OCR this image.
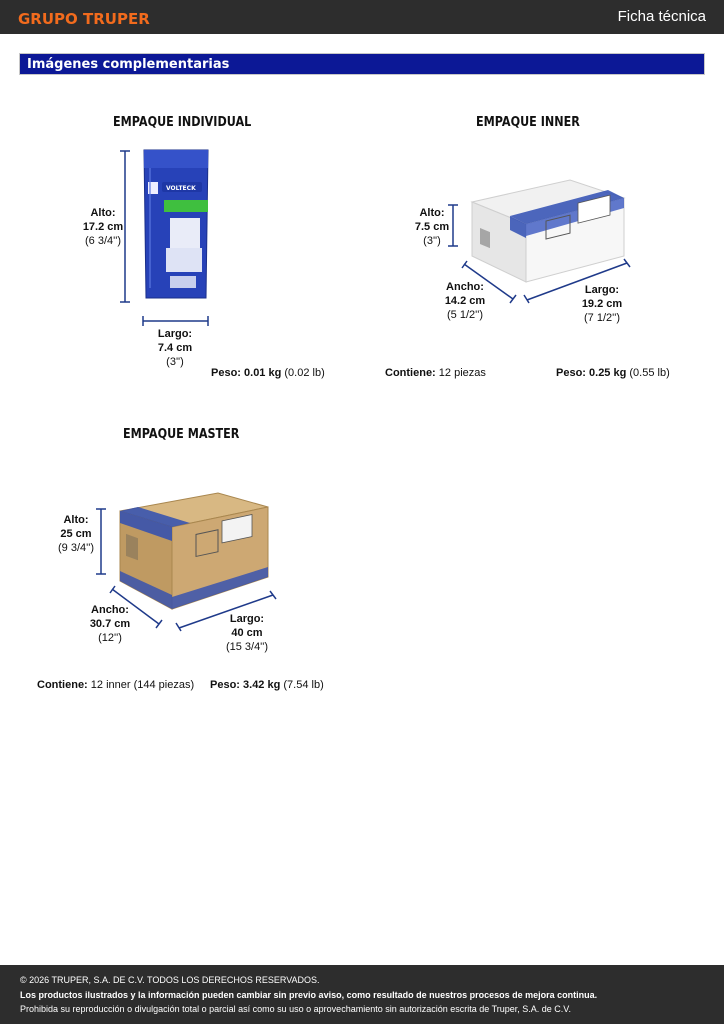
GRUPO TRUPER	Ficha técnica
Imágenes complementarias
EMPAQUE INDIVIDUAL
VOLTECK
Alto:
17.2 cm
(6 3/4'')
Largo:
7.4 cm
(3'')
Peso: 0.01 kg (0.02 lb)
EMPAQUE INNER
Alto:
7.5 cm
(3'')
Ancho:
14.2 cm
(5 1/2'')
Largo:
19.2 cm
(7 1/2'')
Contiene: 12 piezas	Peso: 0.25 kg (0.55 lb)
EMPAQUE MASTER
Alto:
25 cm
(9 3/4'')
Ancho:
30.7 cm
(12'')
Largo:
40 cm
(15 3/4'')
Contiene: 12 inner (144 piezas) Peso: 3.42 kg (7.54 lb)
© 2026 TRUPER, S.A. DE C.V. TODOS LOS DERECHOS RESERVADOS.
Los productos ilustrados y la información pueden cambiar sin previo aviso, como resultado de nuestros procesos de mejora continua.
Prohibida su reproducción o divulgación total o parcial así como su uso o aprovechamiento sin autorización escrita de Truper, S.A. de C.V.
